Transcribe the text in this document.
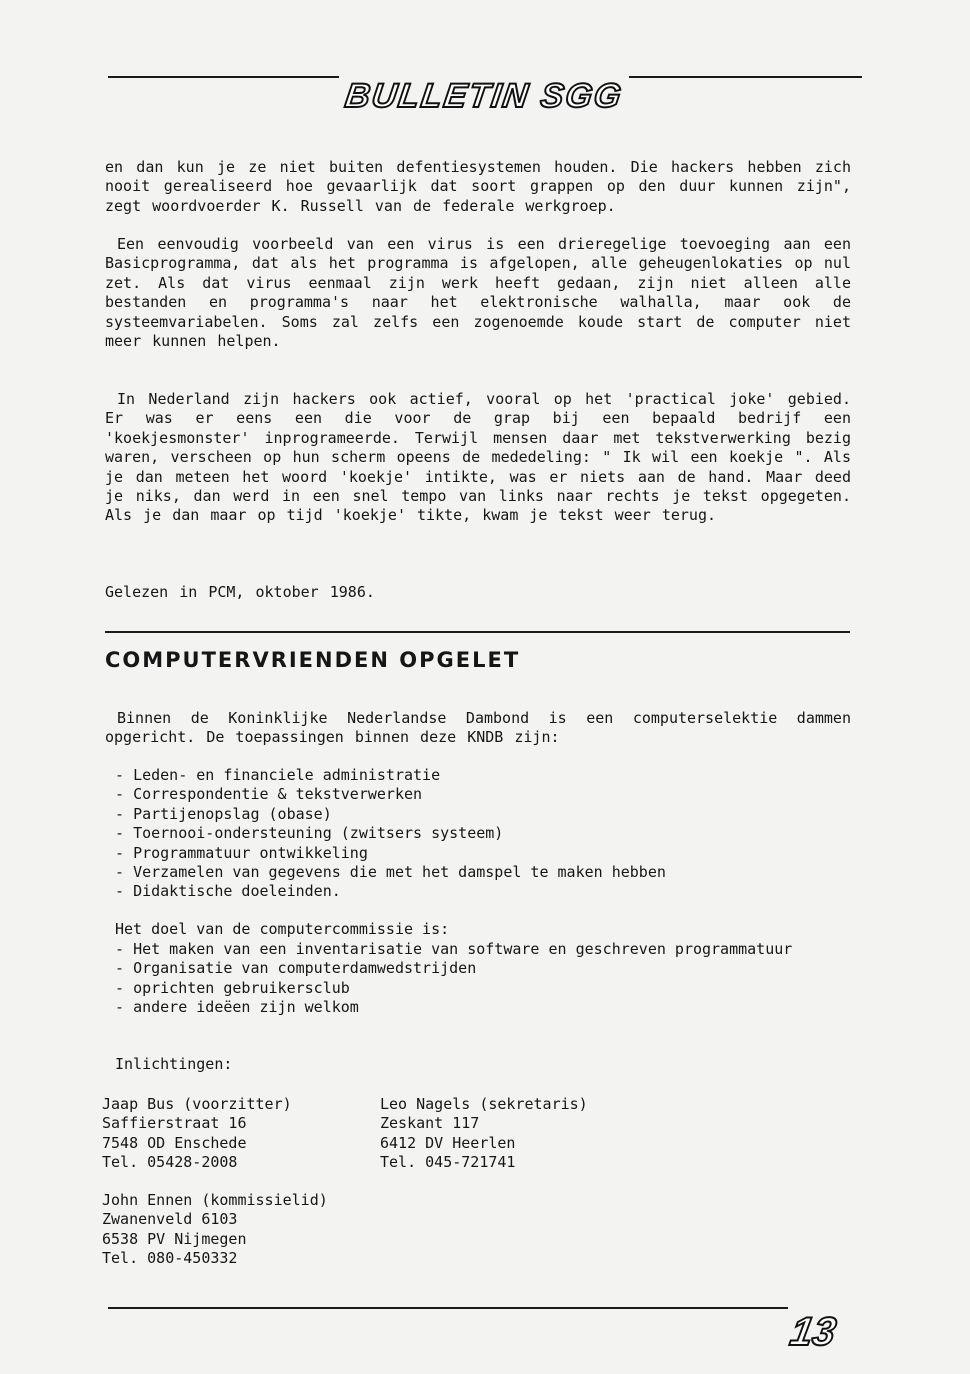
BULLETIN SGG

en dan kun je ze niet buiten defentiesystemen houden. Die hackers hebben zich nooit gerealiseerd hoe gevaarlijk dat soort grappen op den duur kunnen zijn", zegt woordvoerder K. Russell van de federale werkgroep.

Een eenvoudig voorbeeld van een virus is een drieregelige toevoeging aan een Basicprogramma, dat als het programma is afgelopen, alle geheugenlokaties op nul zet. Als dat virus eenmaal zijn werk heeft gedaan, zijn niet alleen alle bestanden en programma's naar het elektronische walhalla, maar ook de systeemvariabelen. Soms zal zelfs een zogenoemde koude start de computer niet meer kunnen helpen.

In Nederland zijn hackers ook actief, vooral op het 'practical joke' gebied. Er was er eens een die voor de grap bij een bepaald bedrijf een 'koekjesmonster' inprogrameerde. Terwijl mensen daar met tekstverwerking bezig waren, verscheen op hun scherm opeens de mededeling: " Ik wil een koekje ". Als je dan meteen het woord 'koekje' intikte, was er niets aan de hand. Maar deed je niks, dan werd in een snel tempo van links naar rechts je tekst opgegeten. Als je dan maar op tijd 'koekje' tikte, kwam je tekst weer terug.

Gelezen in PCM, oktober 1986.

COMPUTERVRIENDEN OPGELET

Binnen de Koninklijke Nederlandse Dambond is een computerselektie dammen opgericht. De toepassingen binnen deze KNDB zijn:

- Leden- en financiele administratie
- Correspondentie & tekstverwerken
- Partijenopslag (obase)
- Toernooi-ondersteuning (zwitsers systeem)
- Programmatuur ontwikkeling
- Verzamelen van gegevens die met het damspel te maken hebben
- Didaktische doeleinden.
Het doel van de computercommissie is:
- Het maken van een inventarisatie van software en geschreven programmatuur
- Organisatie van computerdamwedstrijden
- oprichten gebruikersclub
- andere ideëen zijn welkom
Inlichtingen:
Jaap Bus (voorzitter)
Saffierstraat 16
7548 OD Enschede
Tel. 05428-2008
Leo Nagels (sekretaris)
Zeskant 117
6412 DV Heerlen
Tel. 045-721741
John Ennen (kommissielid)
Zwanenveld 6103
6538 PV Nijmegen
Tel. 080-450332
13
